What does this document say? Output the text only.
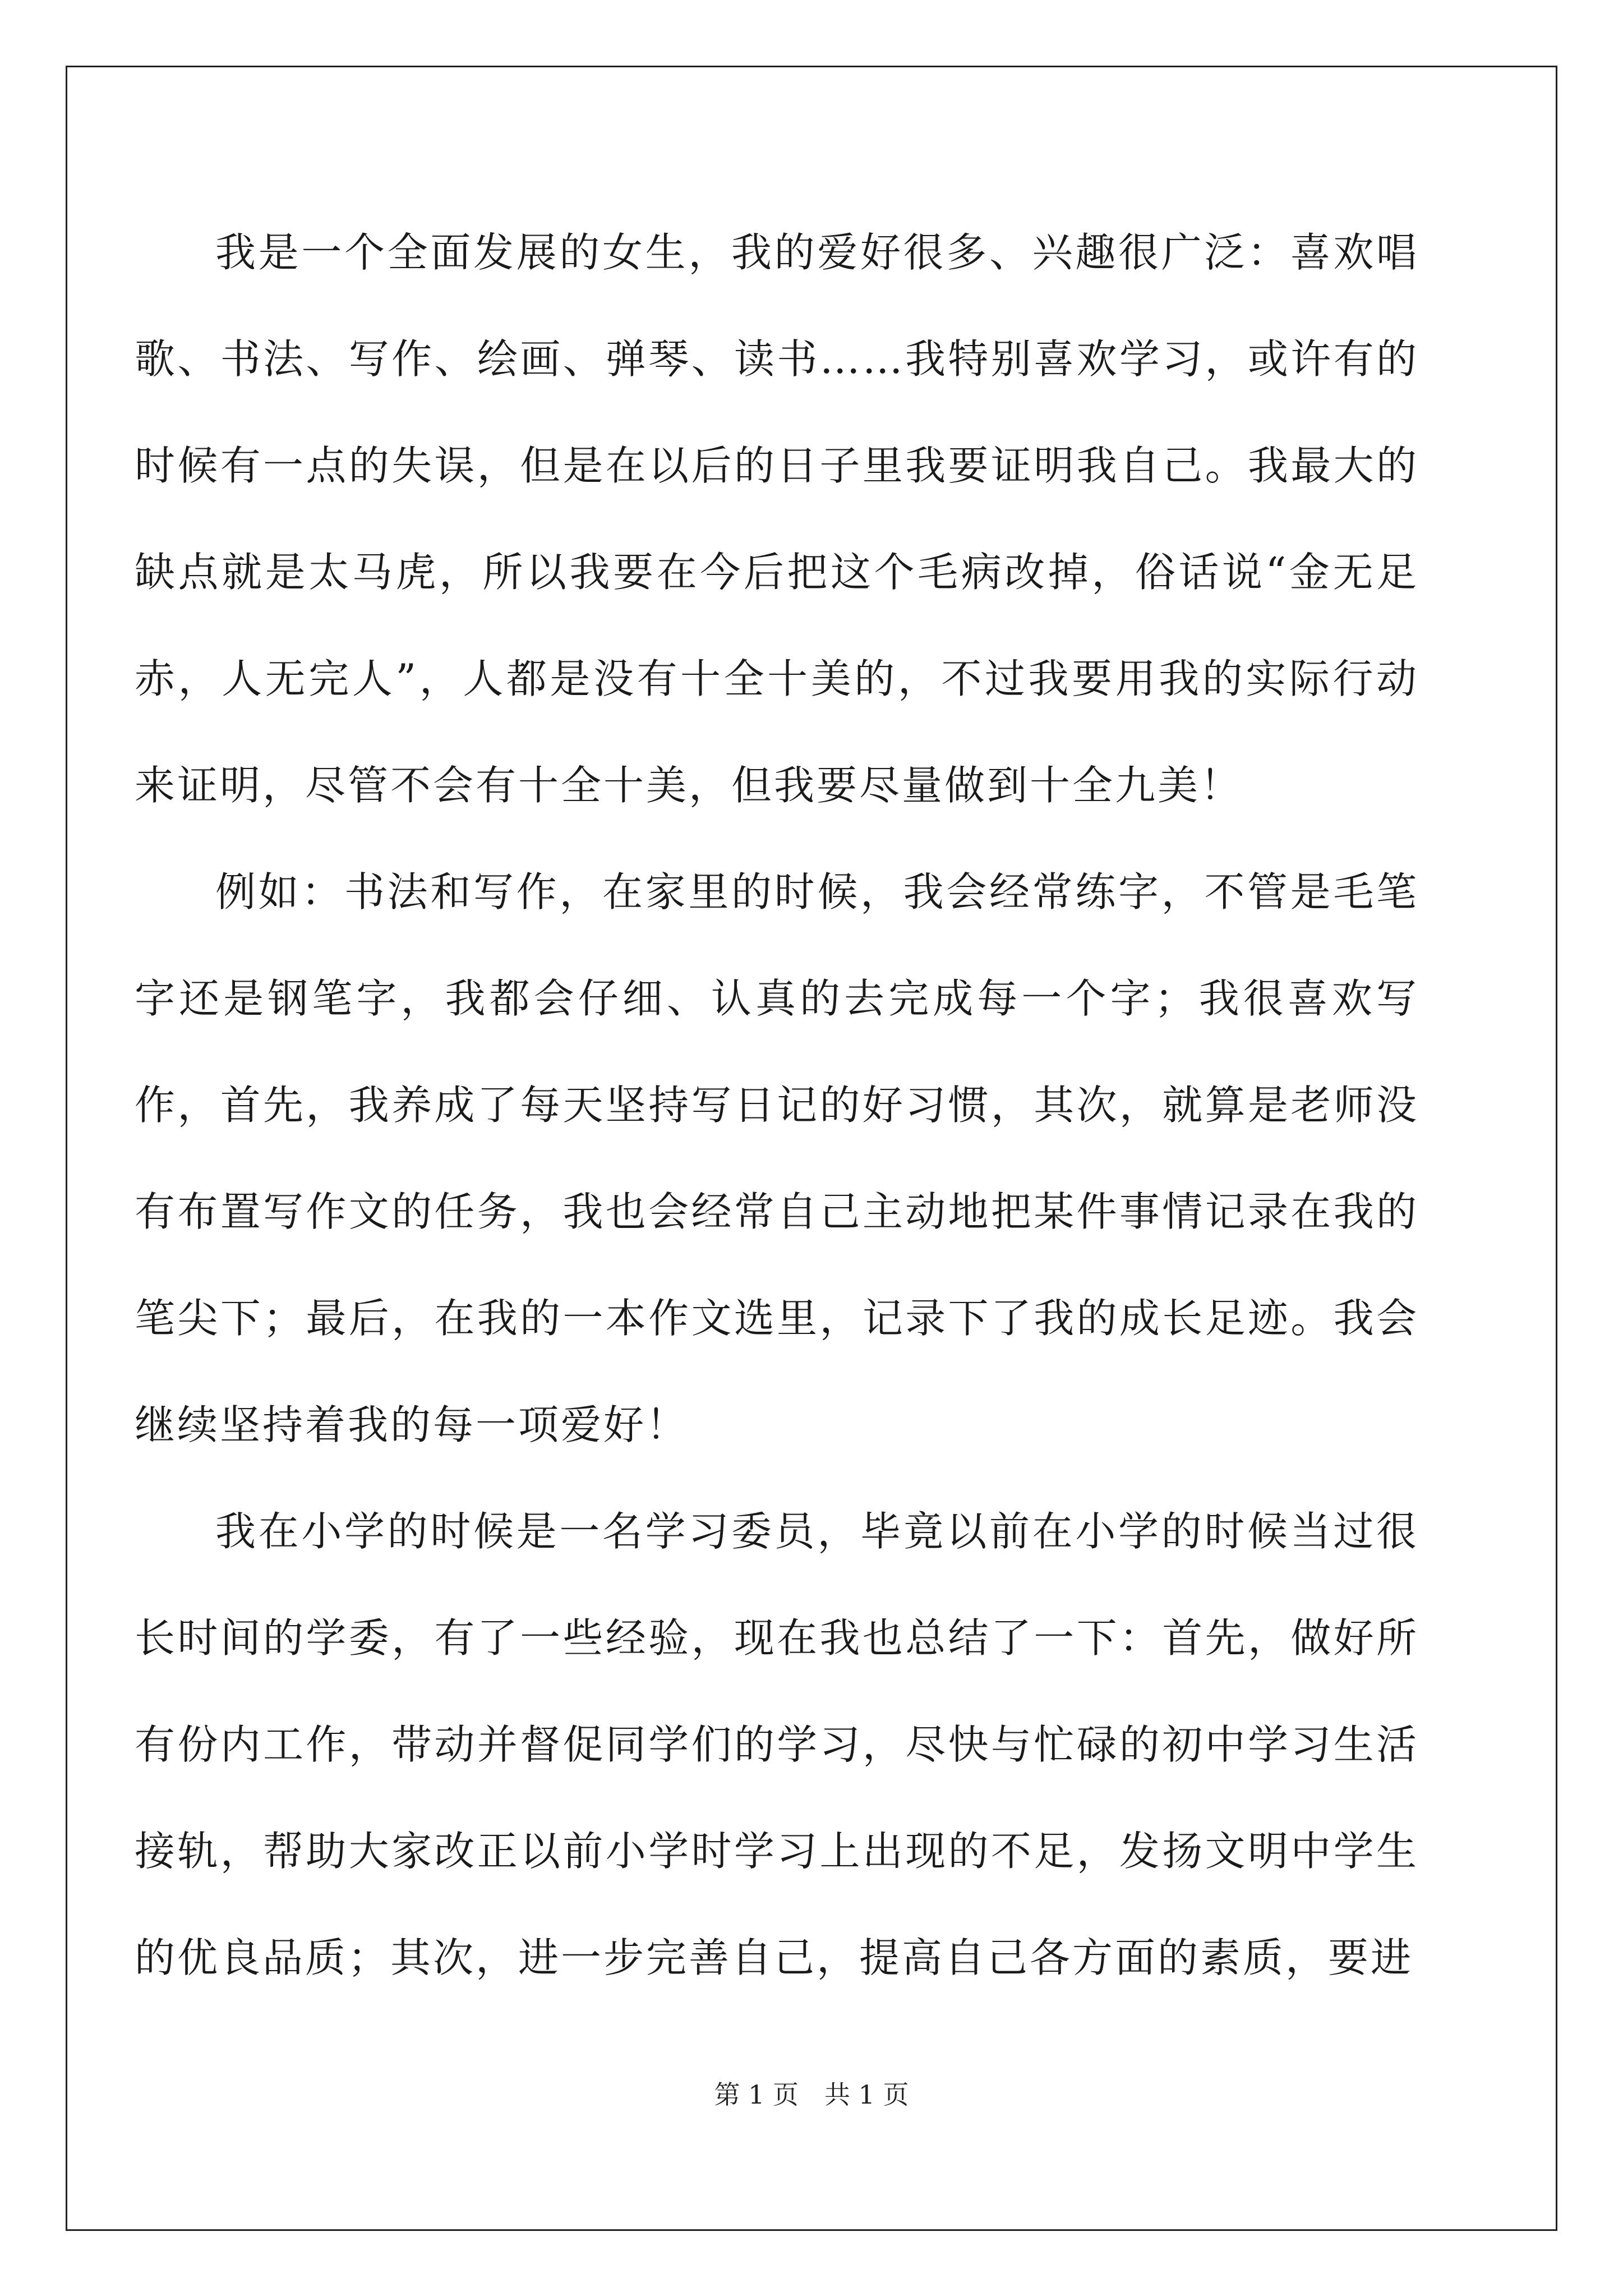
我是一个全面发展的女生，我的爱好很多、兴趣很广泛：喜欢唱歌、书法、写作、绘画、弹琴、读书……我特别喜欢学习，或许有的时候有一点的失误，但是在以后的日子里我要证明我自己。我最大的缺点就是太马虎，所以我要在今后把这个毛病改掉，俗话说“金无足赤，人无完人”，人都是没有十全十美的，不过我要用我的实际行动来证明，尽管不会有十全十美，但我要尽量做到十全九美！

例如：书法和写作，在家里的时候，我会经常练字，不管是毛笔字还是钢笔字，我都会仔细、认真的去完成每一个字；我很喜欢写作，首先，我养成了每天坚持写日记的好习惯，其次，就算是老师没有布置写作文的任务，我也会经常自己主动地把某件事情记录在我的笔尖下；最后，在我的一本作文选里，记录下了我的成长足迹。我会继续坚持着我的每一项爱好！

我在小学的时候是一名学习委员，毕竟以前在小学的时候当过很长时间的学委，有了一些经验，现在我也总结了一下：首先，做好所有份内工作，带动并督促同学们的学习，尽快与忙碌的初中学习生活接轨，帮助大家改正以前小学时学习上出现的不足，发扬文明中学生的优良品质；其次，进一步完善自己，提高自己各方面的素质，要进

第 1 页　共 1 页
